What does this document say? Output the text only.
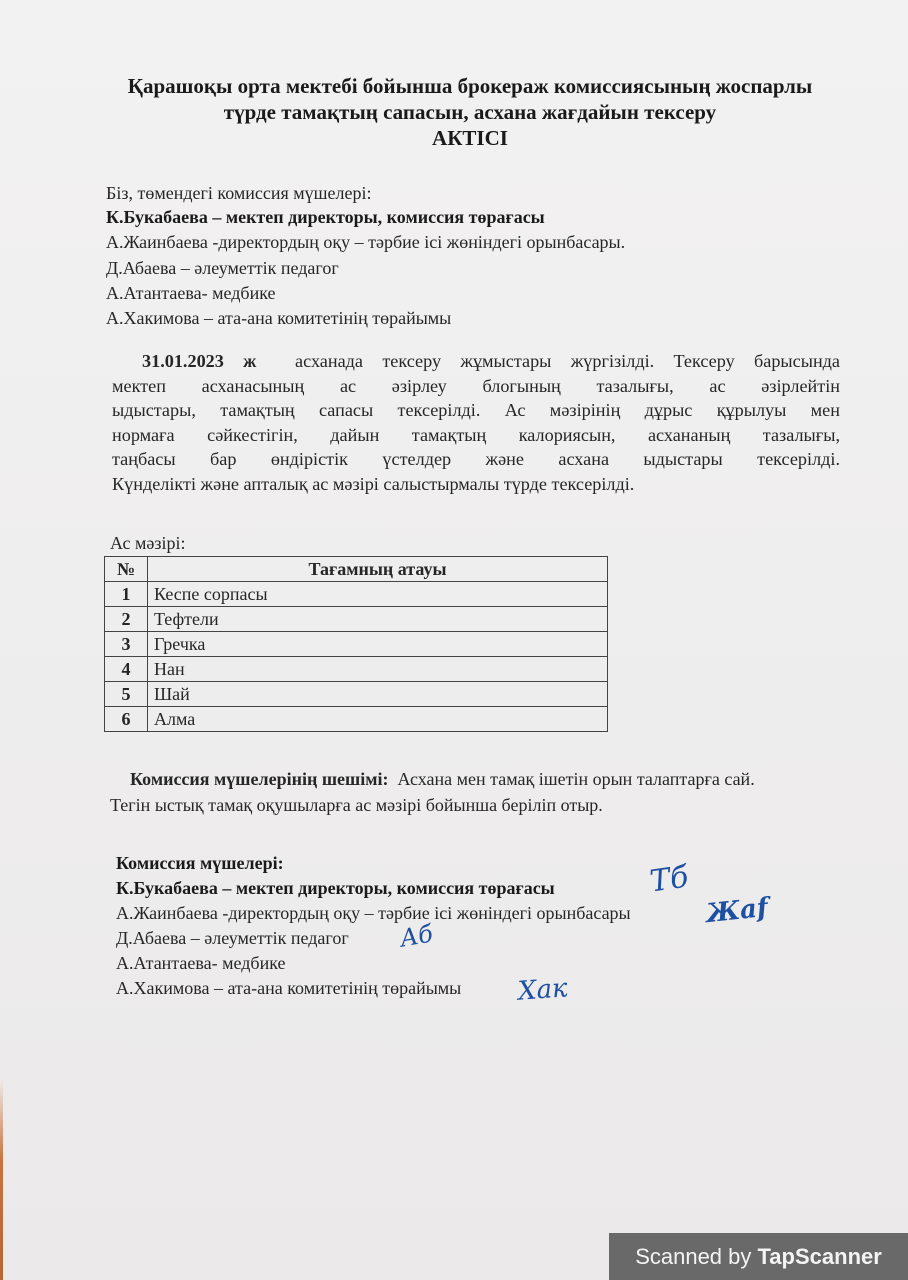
Қарашоқы орта мектебі бойынша брокераж комиссиясының жоспарлы
түрде тамақтың сапасын, асхана жағдайын тексеру
АКТІСІ
Біз, төмендегі комиссия мүшелері:
К.Букабаева – мектеп директоры, комиссия төрағасы
А.Жаинбаева -директордың оқу – тәрбие ісі жөніндегі орынбасары.
Д.Абаева – әлеуметтік педагог
А.Атантаева- медбике
А.Хакимова – ата-ана комитетінің төрайымы
31.01.2023 ж асханада тексеру жұмыстары жүргізілді. Тексеру барысында
мектеп асханасының ас әзірлеу блогының тазалығы, ас әзірлейтін
ыдыстары, тамақтың сапасы тексерілді. Ас мәзірінің дұрыс құрылуы мен
нормаға сәйкестігін, дайын тамақтың калориясын, асхананың тазалығы,
таңбасы бар өндірістік үстелдер және асхана ыдыстары тексерілді.
Күнделікті және апталық ас мәзірі салыстырмалы түрде тексерілді.
Ас мәзірі:
№	Тағамның атауы
1	Кеспе сорпасы
2	Тефтели
3	Гречка
4	Нан
5	Шай
6	Алма
Комиссия мүшелерінің шешімі: Асхана мен тамақ ішетін орын талаптарға сай.
Тегін ыстық тамақ оқушыларға ас мәзірі бойынша беріліп отыр.
Комиссия мүшелері:
К.Букабаева – мектеп директоры, комиссия төрағасы
А.Жаинбаева -директордың оқу – тәрбие ісі жөніндегі орынбасары
Д.Абаева – әлеуметтік педагог
А.Атантаева- медбике
А.Хакимова – ата-ана комитетінің төрайымы
Тб
Жаf
Аб
Хак
Scanned by TapScanner
